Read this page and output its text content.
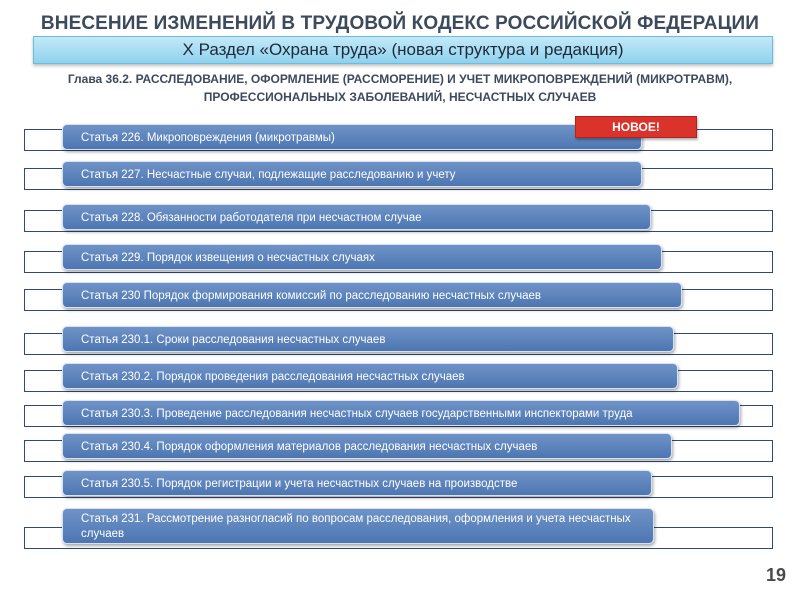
ВНЕСЕНИЕ ИЗМЕНЕНИЙ В ТРУДОВОЙ КОДЕКС РОССИЙСКОЙ ФЕДЕРАЦИИ
X Раздел «Охрана труда» (новая структура и редакция)
Глава 36.2. РАССЛЕДОВАНИЕ, ОФОРМЛЕНИЕ (РАССМОРЕНИЕ) И УЧЕТ МИКРОПОВРЕЖДЕНИЙ (МИКРОТРАВМ),
ПРОФЕССИОНАЛЬНЫХ ЗАБОЛЕВАНИЙ, НЕСЧАСТНЫХ СЛУЧАЕВ
Статья 226. Микроповреждения (микротравмы)
Статья 227. Несчастные случаи, подлежащие расследованию и учету
Статья 228. Обязанности работодателя при несчастном случае
Статья 229. Порядок извещения о несчастных случаях
Статья 230 Порядок формирования комиссий по расследованию несчастных случаев
Статья 230.1. Сроки расследования несчастных случаев
Статья 230.2. Порядок проведения расследования несчастных случаев
Статья 230.3. Проведение расследования несчастных случаев государственными инспекторами труда
Статья 230.4. Порядок оформления материалов расследования несчастных случаев
Статья 230.5. Порядок регистрации и учета несчастных случаев на производстве
Статья 231. Рассмотрение разногласий по вопросам расследования, оформления и учета несчастных случаев
НОВОЕ!
19
